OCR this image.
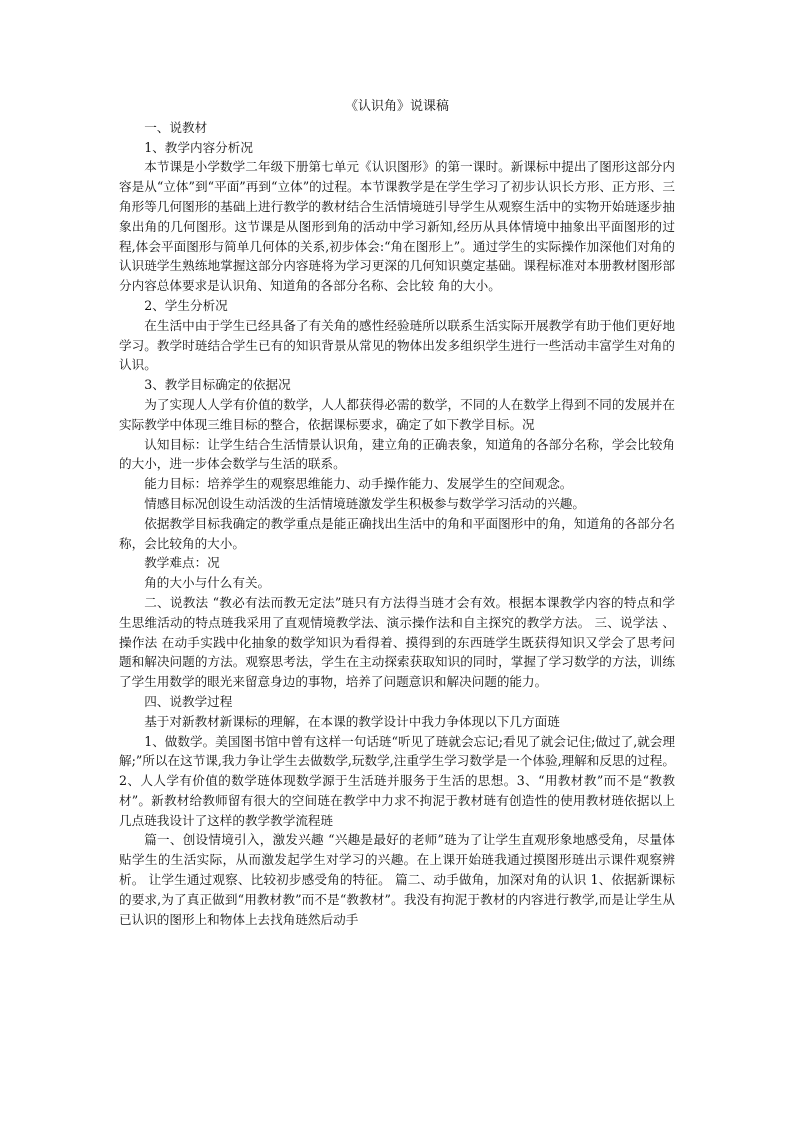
《认识角》说课稿

一、说教材

1、教学内容分析况

本节课是小学数学二年级下册第七单元《认识图形》的第一课时。新课标中提出了图形这部分内容是从“立体”到“平面”再到“立体”的过程。本节课教学是在学生学习了初步认识长方形、正方形、三角形等几何图形的基础上进行教学的教材结合生活情境琏引导学生从观察生活中的实物开始琏逐步抽象出角的几何图形。这节课是从图形到角的活动中学习新知,经历从具体情境中抽象出平面图形的过程,体会平面图形与简单几何体的关系,初步体会:“角在图形上”。通过学生的实际操作加深他们对角的认识琏学生熟练地掌握这部分内容琏将为学习更深的几何知识奠定基础。课程标准对本册教材图形部分内容总体要求是认识角、知道角的各部分名称、会比较 角的大小。

2、学生分析况

在生活中由于学生已经具备了有关角的感性经验琏所以联系生活实际开展教学有助于他们更好地学习。教学时琏结合学生已有的知识背景从常见的物体出发多组织学生进行一些活动丰富学生对角的认识。

3、教学目标确定的依据况

为了实现人人学有价值的数学，人人都获得必需的数学，不同的人在数学上得到不同的发展并在实际教学中体现三维目标的整合，依据课标要求，确定了如下教学目标。况

认知目标：让学生结合生活情景认识角，建立角的正确表象，知道角的各部分名称，学会比较角的大小，进一步体会数学与生活的联系。

能力目标：培养学生的观察思维能力、动手操作能力、发展学生的空间观念。

情感目标况创设生动活泼的生活情境琏激发学生积极参与数学学习活动的兴趣。

依据教学目标我确定的教学重点是能正确找出生活中的角和平面图形中的角，知道角的各部分名称，会比较角的大小。

教学难点：况

角的大小与什么有关。

二、说教法 “教必有法而教无定法”琏只有方法得当琏才会有效。根据本课教学内容的特点和学生思维活动的特点琏我采用了直观情境教学法、演示操作法和自主探究的教学方法。 三、说学法 、操作法 在动手实践中化抽象的数学知识为看得着、摸得到的东西琏学生既获得知识又学会了思考问题和解决问题的方法。观察思考法，学生在主动探索获取知识的同时，掌握了学习数学的方法，训练了学生用数学的眼光来留意身边的事物，培养了问题意识和解决问题的能力。

四、说教学过程

基于对新教材新课标的理解，在本课的教学设计中我力争体现以下几方面琏

1、做数学。美国图书馆中曾有这样一句话琏“听见了琏就会忘记;看见了就会记住;做过了,就会理解;”所以在这节课,我力争让学生去做数学,玩数学,注重学生学习数学是一个体验,理解和反思的过程。 2、人人学有价值的数学琏体现数学源于生活琏并服务于生活的思想。3、“用教材教”而不是“教教材”。新教材给教师留有很大的空间琏在教学中力求不拘泥于教材琏有创造性的使用教材琏依据以上几点琏我设计了这样的教学教学流程琏

篇一、创设情境引入，激发兴趣 “兴趣是最好的老师”琏为了让学生直观形象地感受角，尽量体贴学生的生活实际，从而激发起学生对学习的兴趣。在上课开始琏我通过摸图形琏出示课件观察辨析。 让学生通过观察、比较初步感受角的特征。 篇二、动手做角，加深对角的认识 1、依据新课标的要求,为了真正做到“用教材教”而不是“教教材”。我没有拘泥于教材的内容进行教学,而是让学生从已认识的图形上和物体上去找角琏然后动手
